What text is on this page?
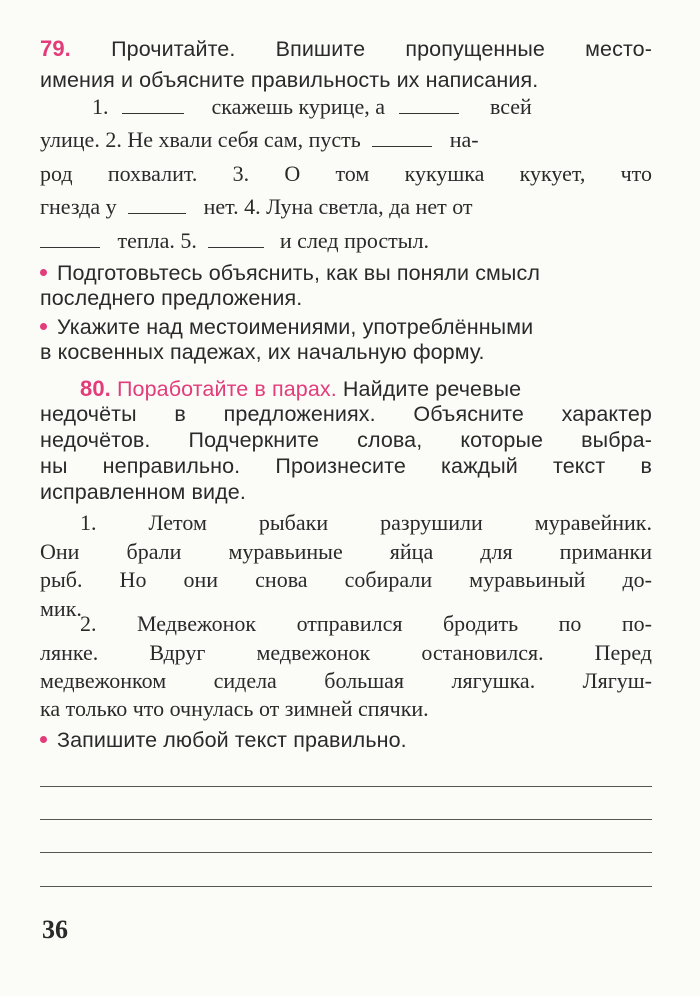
79. Прочитайте. Впишите пропущенные место-
имения и объясните правильность их написания.
1.	скажешь курице, а	всей
улице. 2. Не хвали себя сам, пусть	на-
род похвалит. 3. О том кукушка кукует, что
гнезда у	нет. 4. Луна светла, да нет от
тепла. 5.	и след простыл.
Подготовьтесь объяснить, как вы поняли смысл
последнего предложения.
Укажите над местоимениями, употреблёнными
в косвенных падежах, их начальную форму.
80. Поработайте в парах. Найдите речевые
недочёты в предложениях. Объясните характер
недочётов. Подчеркните слова, которые выбра-
ны неправильно. Произнесите каждый текст в
исправленном виде.
1. Летом рыбаки разрушили муравейник.
Они брали муравьиные яйца для приманки
рыб. Но они снова собирали муравьиный до-
мик.
2. Медвежонок отправился бродить по по-
лянке. Вдруг медвежонок остановился. Перед
медвежонком сидела большая лягушка. Лягуш-
ка только что очнулась от зимней спячки.
Запишите любой текст правильно.
36
